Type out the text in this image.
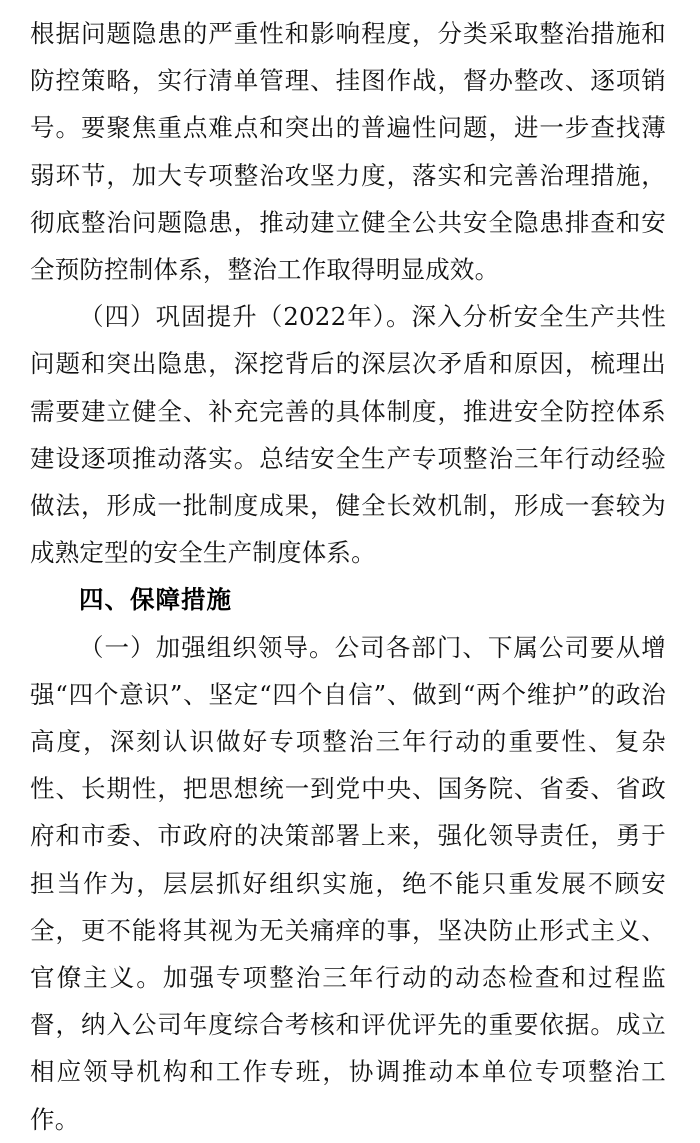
根据问题隐患的严重性和影响程度，分类采取整治措施和防控策略，实行清单管理、挂图作战，督办整改、逐项销号。要聚焦重点难点和突出的普遍性问题，进一步查找薄弱环节，加大专项整治攻坚力度，落实和完善治理措施，彻底整治问题隐患，推动建立健全公共安全隐患排查和安全预防控制体系，整治工作取得明显成效。

（四）巩固提升（2022年）。深入分析安全生产共性问题和突出隐患，深挖背后的深层次矛盾和原因，梳理出需要建立健全、补充完善的具体制度，推进安全防控体系建设逐项推动落实。总结安全生产专项整治三年行动经验做法，形成一批制度成果，健全长效机制，形成一套较为成熟定型的安全生产制度体系。

四、保障措施

（一）加强组织领导。公司各部门、下属公司要从增强“四个意识”、坚定“四个自信”、做到“两个维护”的政治高度，深刻认识做好专项整治三年行动的重要性、复杂性、长期性，把思想统一到党中央、国务院、省委、省政府和市委、市政府的决策部署上来，强化领导责任，勇于担当作为，层层抓好组织实施，绝不能只重发展不顾安全，更不能将其视为无关痛痒的事，坚决防止形式主义、官僚主义。加强专项整治三年行动的动态检查和过程监督，纳入公司年度综合考核和评优评先的重要依据。成立相应领导机构和工作专班，协调推动本单位专项整治工作。
